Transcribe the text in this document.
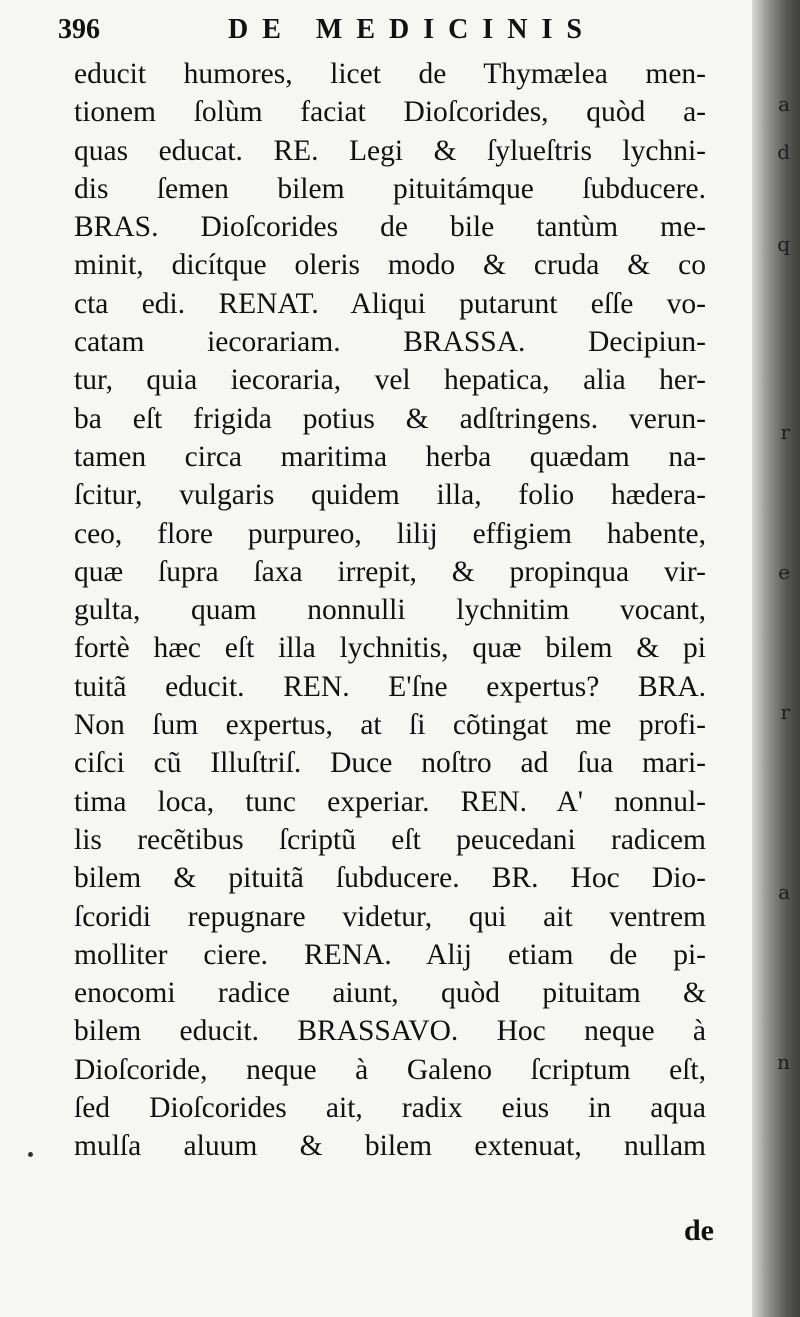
a
d
q
r
e
r
a
n
396	DE MEDICINIS
educit humores, licet de Thymælea men-
tionem ſolùm faciat Dioſcorides, quòd a-
quas educat. RE. Legi & ſylueſtris lychni-
dis ſemen bilem pituitámque ſubducere.
BRAS. Dioſcorides de bile tantùm me-
minit, dicítque oleris modo & cruda & co
cta edi. RENAT. Aliqui putarunt eſſe vo-
catam iecorariam. BRASSA. Decipiun-
tur, quia iecoraria, vel hepatica, alia her-
ba eſt frigida potius & adſtringens. verun-
tamen circa maritima herba quædam na-
ſcitur, vulgaris quidem illa, folio hædera-
ceo, flore purpureo, lilij effigiem habente,
quæ ſupra ſaxa irrepit, & propinqua vir-
gulta, quam nonnulli lychnitim vocant,
fortè hæc eſt illa lychnitis, quæ bilem & pi
tuitã educit. REN. E'ſne expertus? BRA.
Non ſum expertus, at ſi cõtingat me profi-
ciſci cũ Illuſtriſ. Duce noſtro ad ſua mari-
tima loca, tunc experiar. REN. A' nonnul-
lis recẽtibus ſcriptũ eſt peucedani radicem
bilem & pituitã ſubducere. BR. Hoc Dio-
ſcoridi repugnare videtur, qui ait ventrem
molliter ciere. RENA. Alij etiam de pi-
enocomi radice aiunt, quòd pituitam &
bilem educit. BRASSAVO. Hoc neque à
Dioſcoride, neque à Galeno ſcriptum eſt,
ſed Dioſcorides ait, radix eius in aqua
mulſa aluum & bilem extenuat, nullam
de
